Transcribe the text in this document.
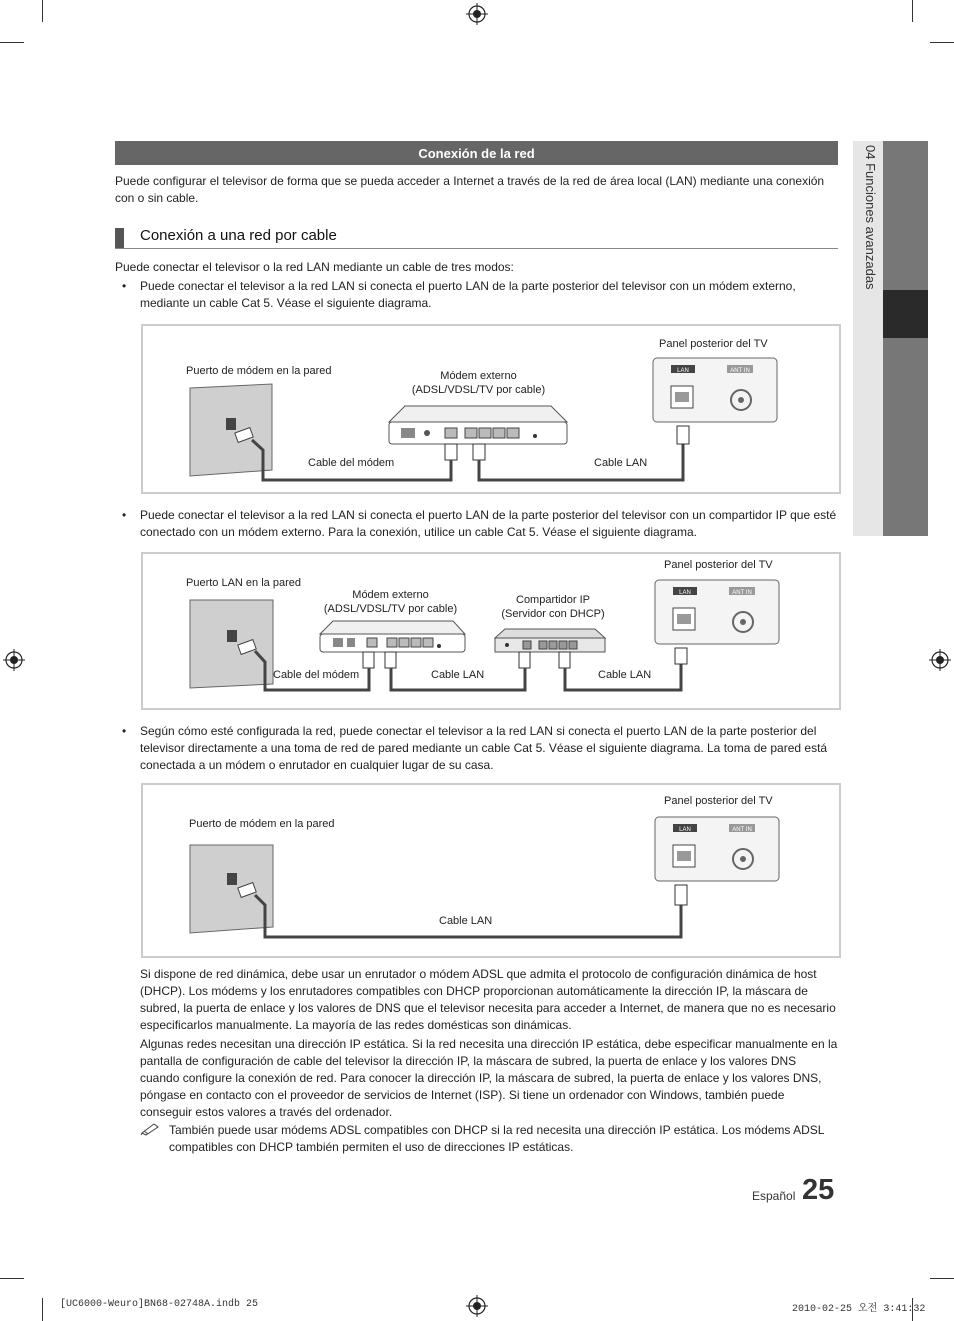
04 Funciones avanzadas
Conexión de la red
Puede configurar el televisor de forma que se pueda acceder a Internet a través de la red de área local (LAN) mediante una conexión con o sin cable.
Conexión a una red por cable
Puede conectar el televisor o la red LAN mediante un cable de tres modos:
• Puede conectar el televisor a la red LAN si conecta el puerto LAN de la parte posterior del televisor con un módem externo, mediante un cable Cat 5. Véase el siguiente diagrama.
Panel posterior del TV
Puerto de módem en la pared	Módem externo
(ADSL/VDSL/TV por cable)
Cable del módem	Cable LAN
LAN	ANT IN
• Puede conectar el televisor a la red LAN si conecta el puerto LAN de la parte posterior del televisor con un compartidor IP que esté conectado con un módem externo. Para la conexión, utilice un cable Cat 5. Véase el siguiente diagrama.
Panel posterior del TV
Puerto LAN en la pared
Módem externo
(ADSL/VDSL/TV por cable)
Compartidor IP
(Servidor con DHCP)
Cable del módem	Cable LAN	Cable LAN
LAN	ANT IN
• Según cómo esté configurada la red, puede conectar el televisor a la red LAN si conecta el puerto LAN de la parte posterior del televisor directamente a una toma de red de pared mediante un cable Cat 5. Véase el siguiente diagrama. La toma de pared está conectada a un módem o enrutador en cualquier lugar de su casa.
Panel posterior del TV
Puerto de módem en la pared
Cable LAN
LAN	ANT IN
Si dispone de red dinámica, debe usar un enrutador o módem ADSL que admita el protocolo de configuración dinámica de host (DHCP). Los módems y los enrutadores compatibles con DHCP proporcionan automáticamente la dirección IP, la máscara de subred, la puerta de enlace y los valores de DNS que el televisor necesita para acceder a Internet, de manera que no es necesario especificarlos manualmente. La mayoría de las redes domésticas son dinámicas.
Algunas redes necesitan una dirección IP estática. Si la red necesita una dirección IP estática, debe especificar manualmente en la pantalla de configuración de cable del televisor la dirección IP, la máscara de subred, la puerta de enlace y los valores DNS cuando configure la conexión de red. Para conocer la dirección IP, la máscara de subred, la puerta de enlace y los valores DNS, póngase en contacto con el proveedor de servicios de Internet (ISP). Si tiene un ordenador con Windows, también puede conseguir estos valores a través del ordenador.
También puede usar módems ADSL compatibles con DHCP si la red necesita una dirección IP estática. Los módems ADSL compatibles con DHCP también permiten el uso de direcciones IP estáticas.
Español 25
[UC6000-Weuro]BN68-02748A.indb 25	2010-02-25 오전 3:41:32
